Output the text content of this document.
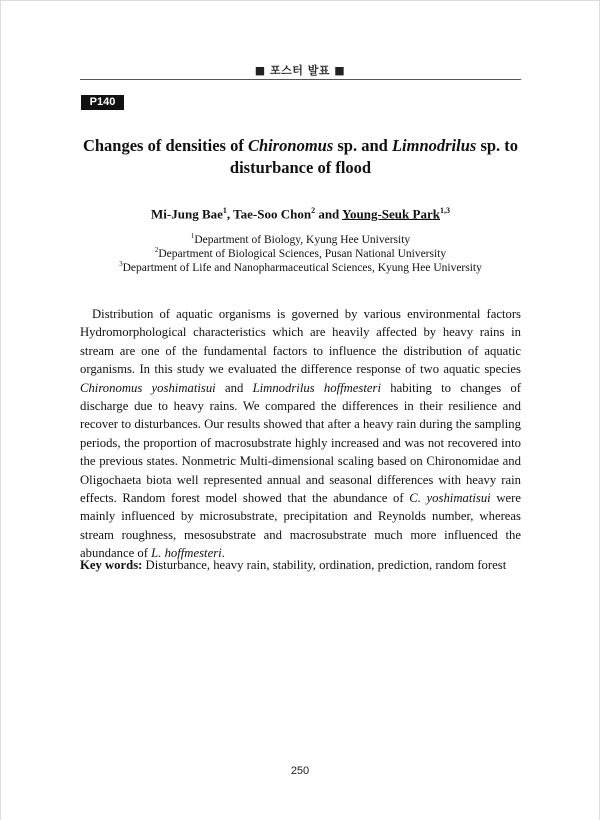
■ 포스터 발표 ■
P140
Changes of densities of Chironomus sp. and Limnodrilus sp. to disturbance of flood
Mi-Jung Bae$^1$, Tae-Soo Chon$^2$ and Young-Seuk Park$^{1,3}$
$^1$Department of Biology, Kyung Hee University
$^2$Department of Biological Sciences, Pusan National University
$^3$Department of Life and Nanopharmaceutical Sciences, Kyung Hee University
Distribution of aquatic organisms is governed by various environmental factors Hydromorphological characteristics which are heavily affected by heavy rains in stream are one of the fundamental factors to influence the distribution of aquatic organisms. In this study we evaluated the difference response of two aquatic species Chironomus yoshimatisui and Limnodrilus hoffmesteri habiting to changes of discharge due to heavy rains. We compared the differences in their resilience and recover to disturbances. Our results showed that after a heavy rain during the sampling periods, the proportion of macrosubstrate highly increased and was not recovered into the previous states. Nonmetric Multi-dimensional scaling based on Chironomidae and Oligochaeta biota well represented annual and seasonal differences with heavy rain effects. Random forest model showed that the abundance of C. yoshimatisui were mainly influenced by microsubstrate, precipitation and Reynolds number, whereas stream roughness, mesosubstrate and macrosubstrate much more influenced the abundance of L. hoffmesteri.
Key words: Disturbance, heavy rain, stability, ordination, prediction, random forest
250
